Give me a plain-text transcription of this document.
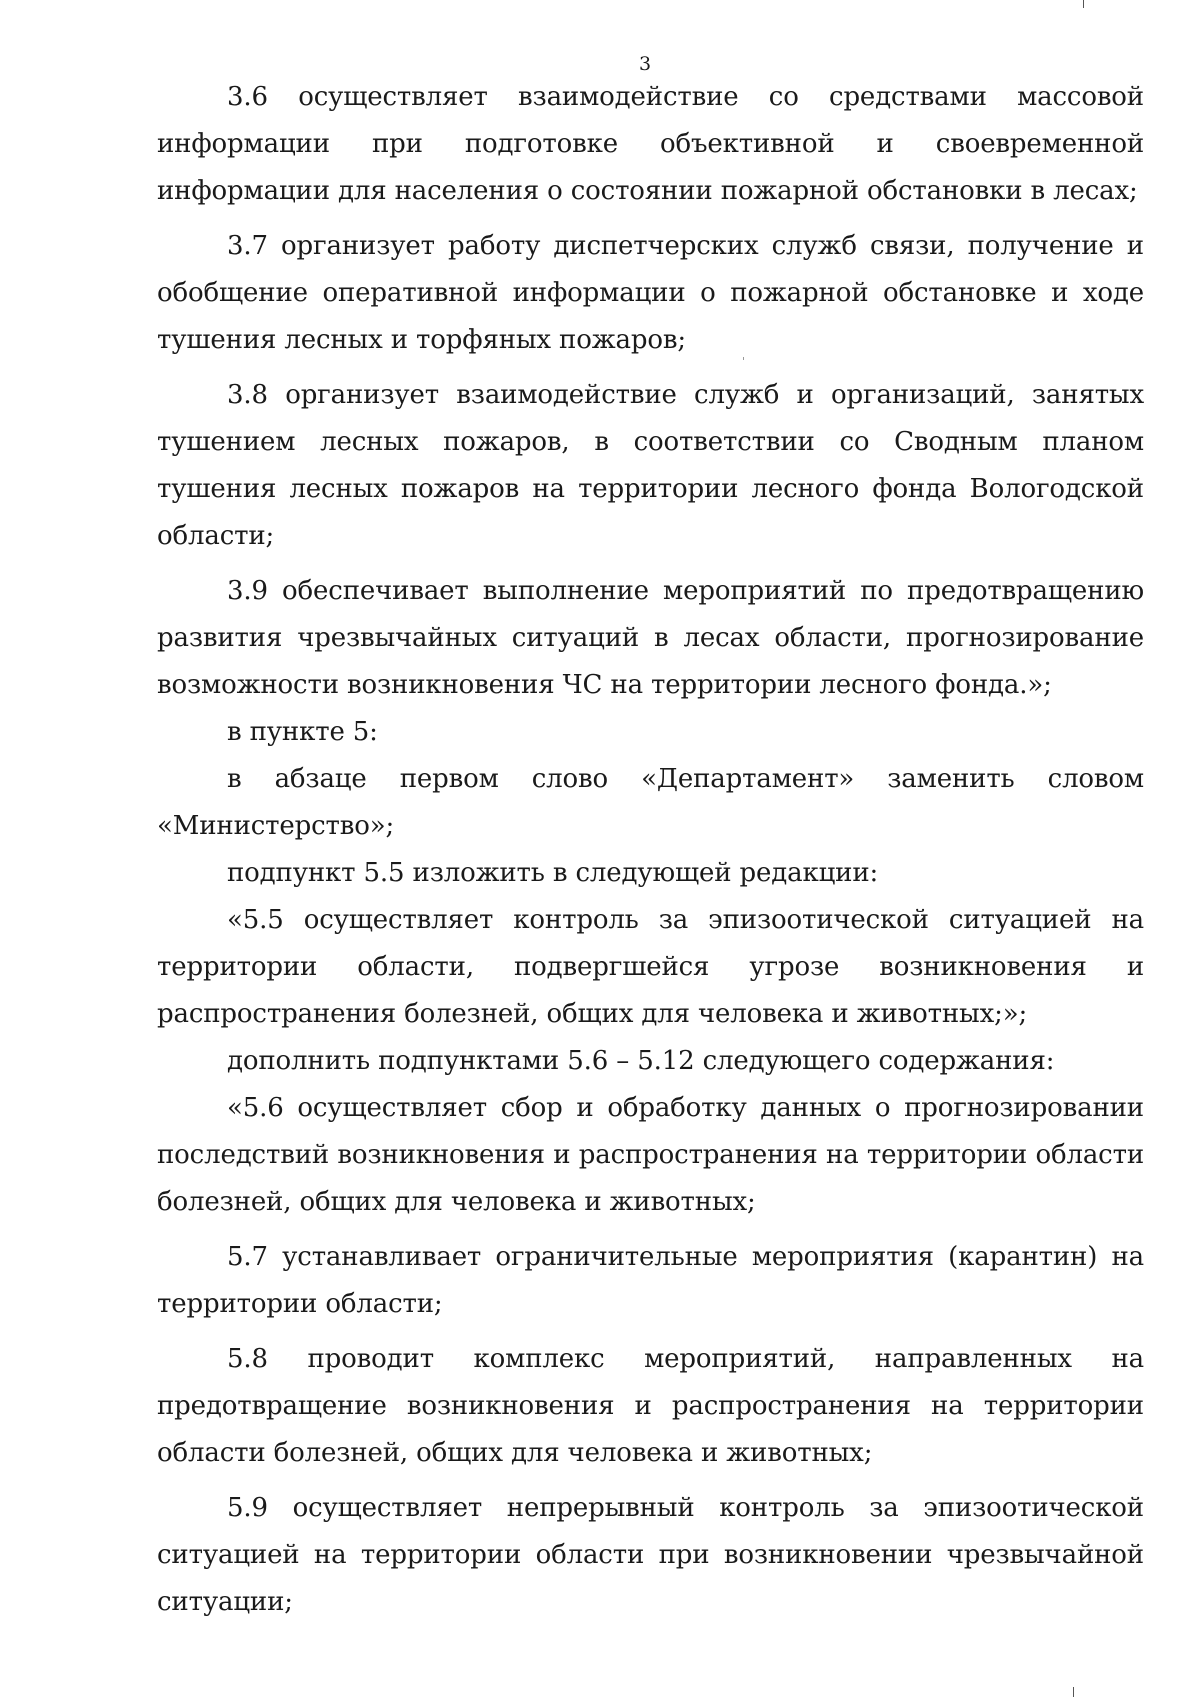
3

3.6 осуществляет взаимодействие со средствами массовой информации при подготовке объективной и своевременной информации для населения о состоянии пожарной обстановки в лесах;

3.7 организует работу диспетчерских служб связи, получение и обобщение оперативной информации о пожарной обстановке и ходе тушения лесных и торфяных пожаров;

3.8 организует взаимодействие служб и организаций, занятых тушением лесных пожаров, в соответствии со Сводным планом тушения лесных пожаров на территории лесного фонда Вологодской области;

3.9 обеспечивает выполнение мероприятий по предотвращению развития чрезвычайных ситуаций в лесах области, прогнозирование возможности возникновения ЧС на территории лесного фонда.»;

в пункте 5:

в абзаце первом слово «Департамент» заменить словом «Министерство»;

подпункт 5.5 изложить в следующей редакции:

«5.5 осуществляет контроль за эпизоотической ситуацией на территории области, подвергшейся угрозе возникновения и распространения болезней, общих для человека и животных;»;

дополнить подпунктами 5.6 – 5.12 следующего содержания:

«5.6 осуществляет сбор и обработку данных о прогнозировании последствий возникновения и распространения на территории области болезней, общих для человека и животных;

5.7 устанавливает ограничительные мероприятия (карантин) на территории области;

5.8 проводит комплекс мероприятий, направленных на предотвращение возникновения и распространения на территории области болезней, общих для человека и животных;

5.9 осуществляет непрерывный контроль за эпизоотической ситуацией на территории области при возникновении чрезвычайной ситуации;
